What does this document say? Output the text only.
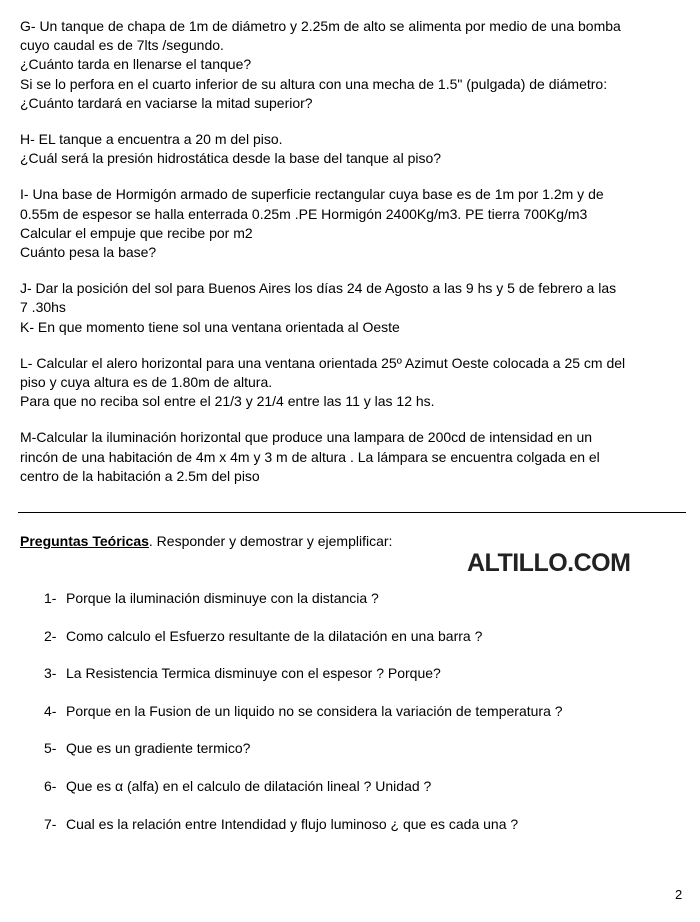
G- Un tanque de chapa de 1m de diámetro y 2.25m de alto se alimenta por medio de una bomba

cuyo caudal es de 7lts /segundo.

¿Cuánto tarda en llenarse el tanque?

Si se lo perfora en el cuarto inferior de su altura con una mecha de 1.5" (pulgada) de diámetro:

¿Cuánto tardará en vaciarse la mitad superior?

H- EL tanque a encuentra a 20 m del piso.

¿Cuál será la presión hidrostática desde la base del tanque al piso?

I- Una base de Hormigón armado de superficie rectangular cuya base es de 1m por 1.2m y de

0.55m de espesor se halla enterrada 0.25m .PE Hormigón 2400Kg/m3. PE tierra 700Kg/m3

Calcular el empuje que recibe por m2

Cuánto pesa la base?

J- Dar la posición del sol para Buenos Aires los días 24 de Agosto a las 9 hs y 5 de febrero a las

7 .30hs

K- En que momento tiene sol una ventana orientada al Oeste

L- Calcular el alero horizontal para una ventana orientada 25º Azimut Oeste colocada a 25 cm del

piso y cuya altura es de 1.80m de altura.

Para que no reciba sol entre el 21/3 y 21/4 entre las 11 y las 12 hs.

M-Calcular la iluminación horizontal que produce una lampara de 200cd de intensidad en un

rincón de una habitación de 4m x 4m y 3 m de altura . La lámpara se encuentra colgada en el

centro de la habitación a 2.5m del piso

Preguntas Teóricas. Responder y demostrar y ejemplificar:
ALTILLO.COM
1- Porque la iluminación disminuye con la distancia ?
2- Como calculo el Esfuerzo resultante de la dilatación en una barra ?
3- La Resistencia Termica disminuye con el espesor ? Porque?
4- Porque en la Fusion de un liquido no se considera la variación de temperatura ?
5- Que es un gradiente termico?
6- Que es α (alfa) en el calculo de dilatación lineal ? Unidad ?
7- Cual es la relación entre Intendidad y flujo luminoso ¿ que es cada una ?
2
